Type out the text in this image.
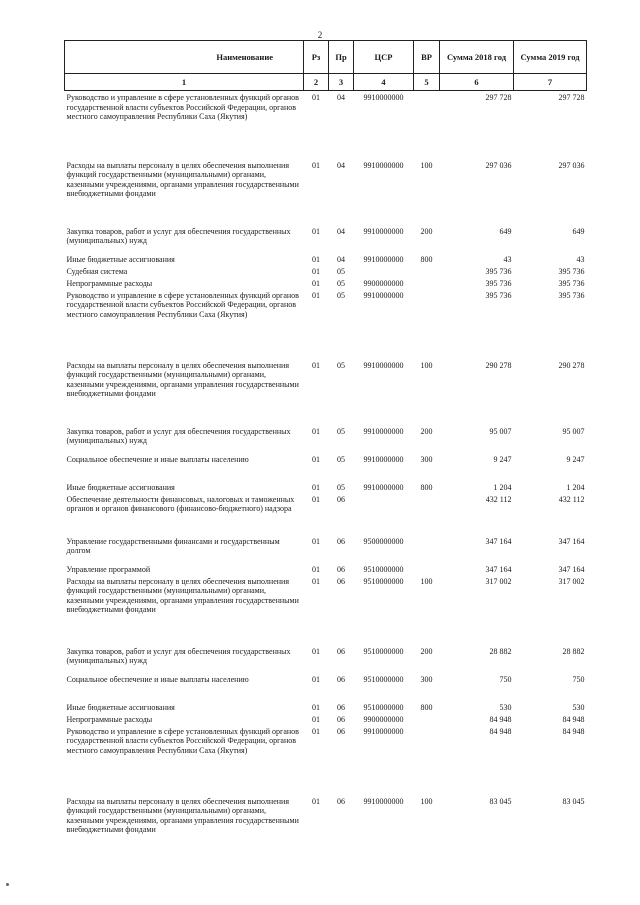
2
Наименование	Рз	Пр	ЦСР	ВР	Сумма 2018 год	Сумма 2019 год
1	2	3	4	5	6	7
Руководство и управление в сфере установленных функций органов государственной власти субъектов Российской Федерации, органов местного самоуправления Республики Саха (Якутия)	01	04	9910000000		297 728	297 728
Расходы на выплаты персоналу в целях обеспечения выполнения функций государственными (муниципальными) органами, казенными учреждениями, органами управления государственными внебюджетными фондами	01	04	9910000000	100	297 036	297 036
Закупка товаров, работ и услуг для обеспечения государственных (муниципальных) нужд	01	04	9910000000	200	649	649
Иные бюджетные ассигнования	01	04	9910000000	800	43	43
Судебная система	01	05			395 736	395 736
Непрограммные расходы	01	05	9900000000		395 736	395 736
Руководство и управление в сфере установленных функций органов государственной власти субъектов Российской Федерации, органов местного самоуправления Республики Саха (Якутия)	01	05	9910000000		395 736	395 736
Расходы на выплаты персоналу в целях обеспечения выполнения функций государственными (муниципальными) органами, казенными учреждениями, органами управления государственными внебюджетными фондами	01	05	9910000000	100	290 278	290 278
Закупка товаров, работ и услуг для обеспечения государственных (муниципальных) нужд	01	05	9910000000	200	95 007	95 007
Социальное обеспечение и иные выплаты населению	01	05	9910000000	300	9 247	9 247
Иные бюджетные ассигнования	01	05	9910000000	800	1 204	1 204
Обеспечение деятельности финансовых, налоговых и таможенных органов и органов финансового (финансово-бюджетного) надзора	01	06			432 112	432 112
Управление государственными финансами и государственным долгом	01	06	9500000000		347 164	347 164
Управление программой	01	06	9510000000		347 164	347 164
Расходы на выплаты персоналу в целях обеспечения выполнения функций государственными (муниципальными) органами, казенными учреждениями, органами управления государственными внебюджетными фондами	01	06	9510000000	100	317 002	317 002
Закупка товаров, работ и услуг для обеспечения государственных (муниципальных) нужд	01	06	9510000000	200	28 882	28 882
Социальное обеспечение и иные выплаты населению	01	06	9510000000	300	750	750
Иные бюджетные ассигнования	01	06	9510000000	800	530	530
Непрограммные расходы	01	06	9900000000		84 948	84 948
Руководство и управление в сфере установленных функций органов государственной власти субъектов Российской Федерации, органов местного самоуправления Республики Саха (Якутия)	01	06	9910000000		84 948	84 948
Расходы на выплаты персоналу в целях обеспечения выполнения функций государственными (муниципальными) органами, казенными учреждениями, органами управления государственными внебюджетными фондами	01	06	9910000000	100	83 045	83 045
